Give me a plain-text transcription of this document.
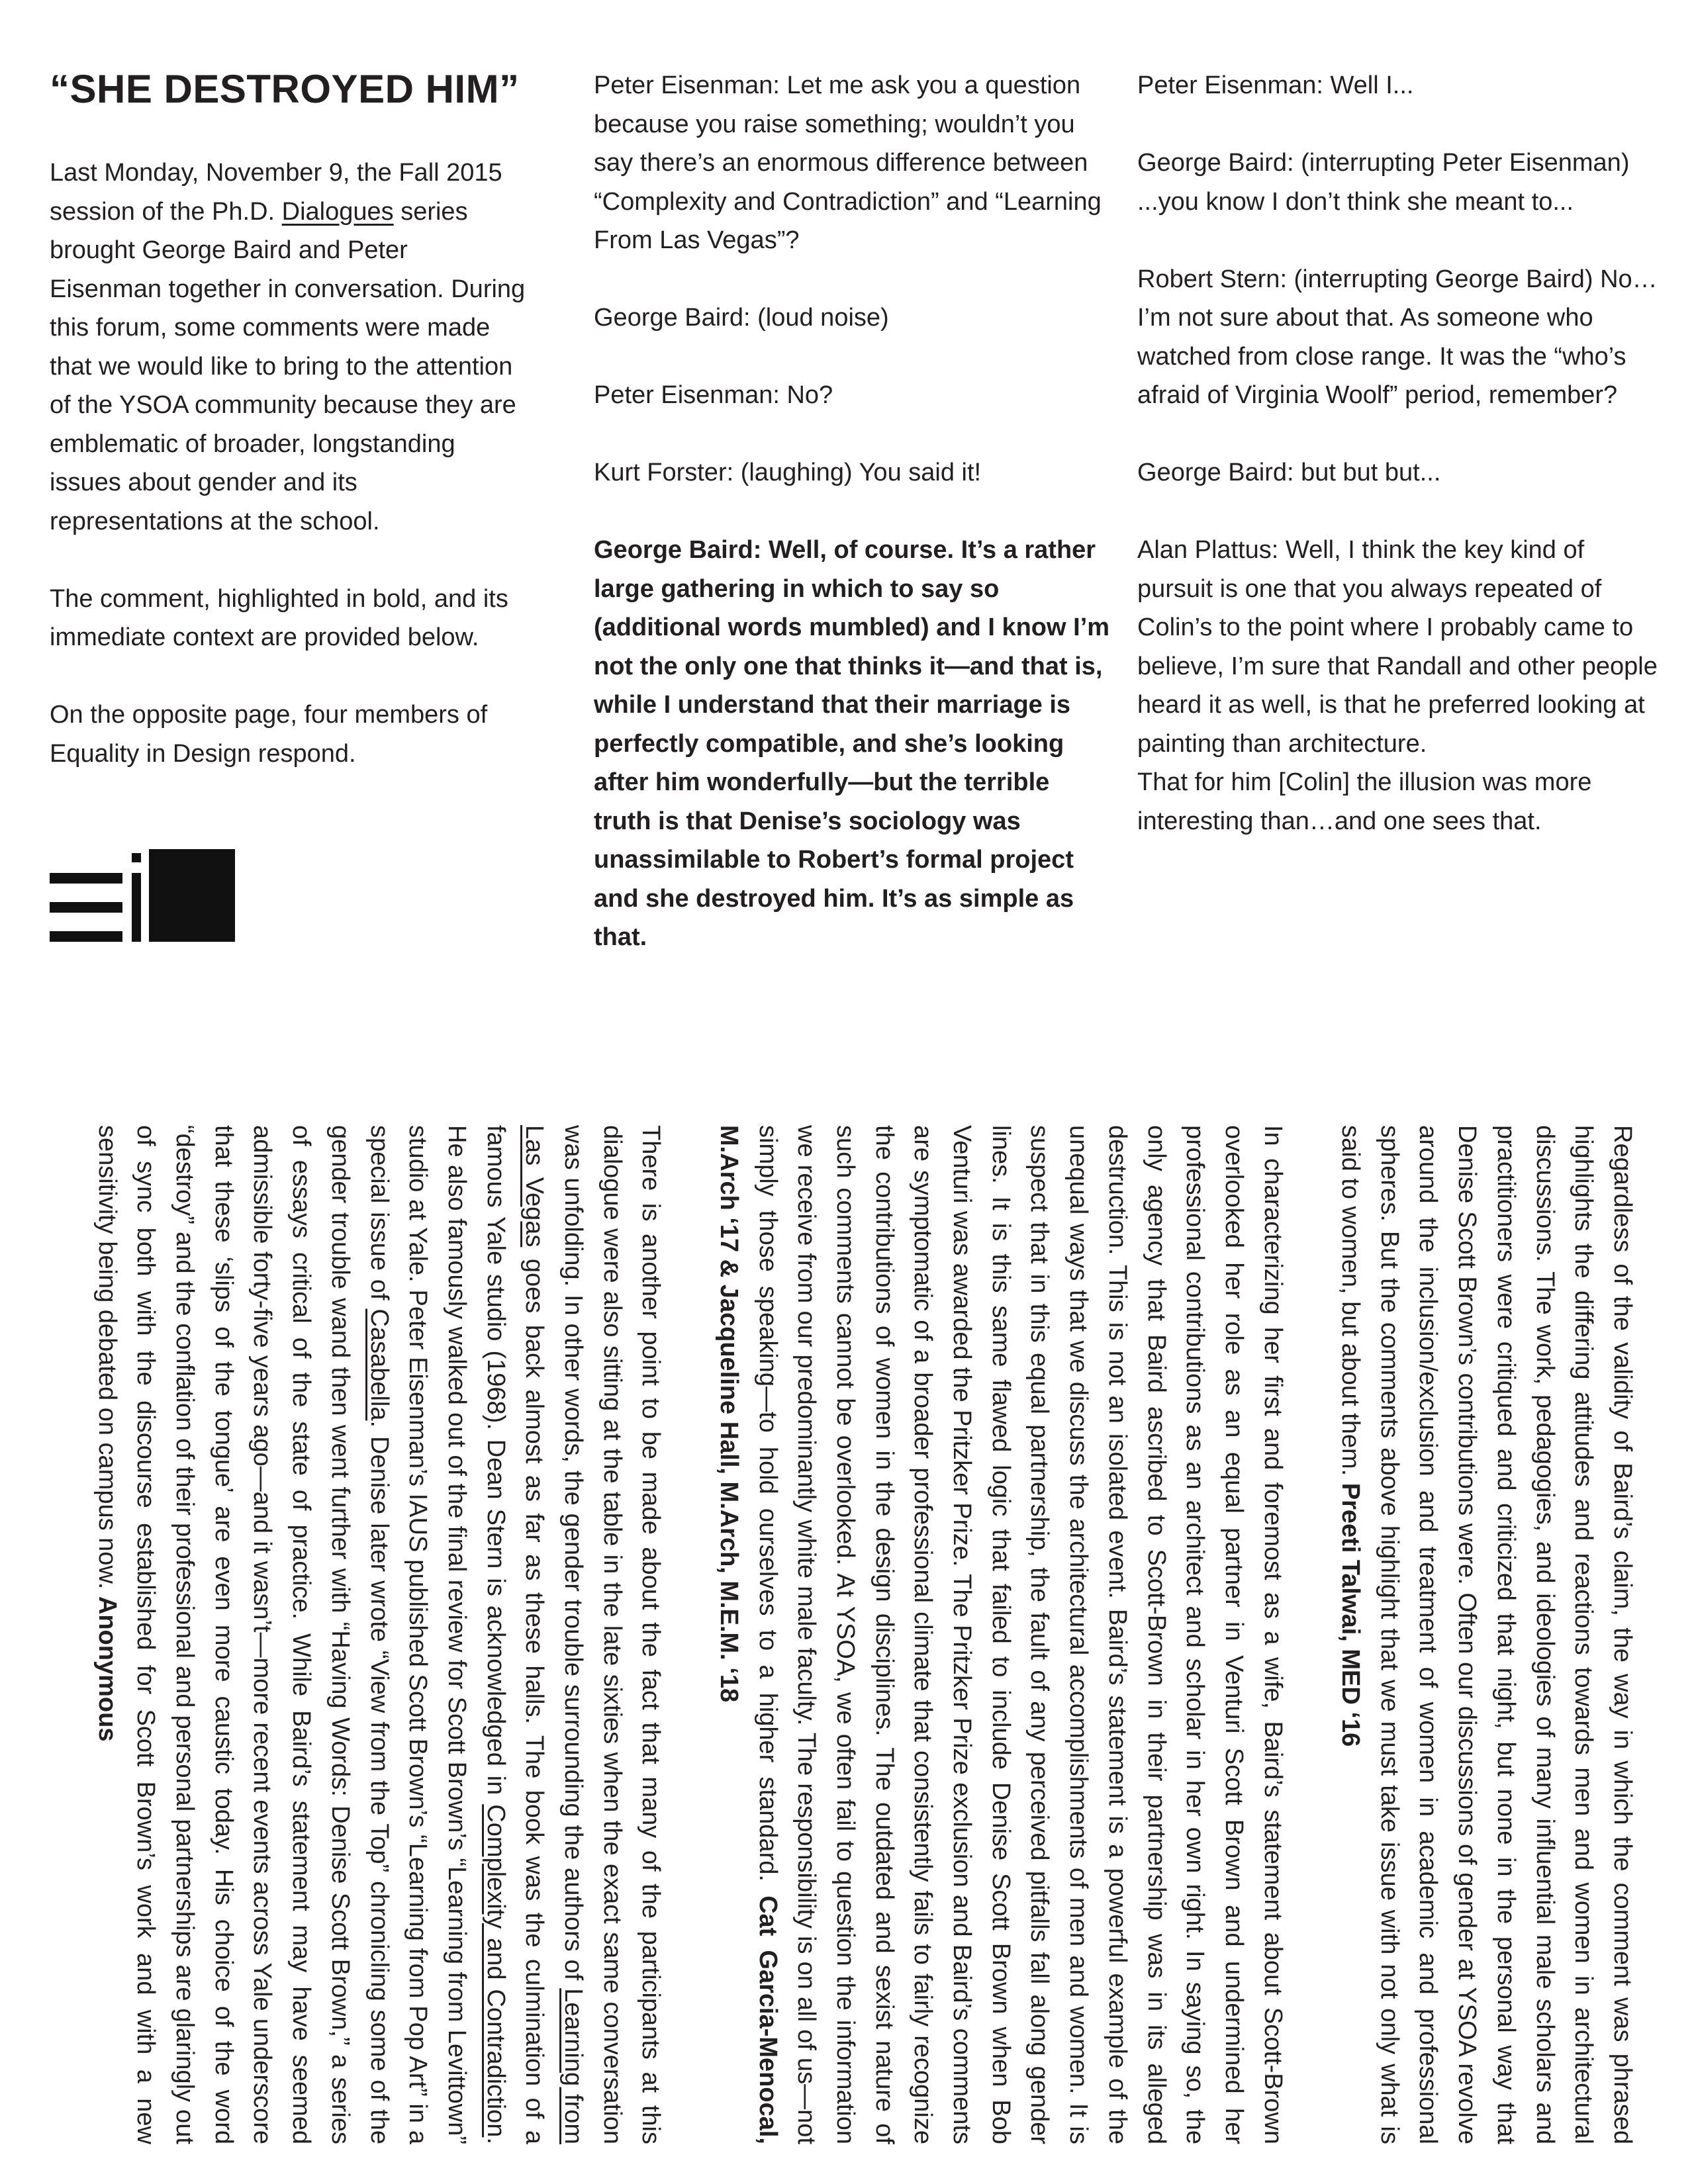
“SHE DESTROYED HIM”

Last Monday, November 9, the Fall 2015 session of the Ph.D. Dialogues series brought George Baird and Peter Eisenman together in conversation. During this forum, some comments were made that we would like to bring to the attention of the YSOA community because they are emblematic of broader, longstanding issues about gender and its representations at the school.

The comment, highlighted in bold, and its immediate context are provided below.

On the opposite page, four members of Equality in Design respond.

Peter Eisenman: Let me ask you a question because you raise something; wouldn’t you say there’s an enormous difference between “Complexity and Contradiction” and “Learning From Las Vegas”?

George Baird: (loud noise)

Peter Eisenman: No?

Kurt Forster: (laughing) You said it!

George Baird: Well, of course. It’s a rather large gathering in which to say so (additional words mumbled) and I know I’m not the only one that thinks it—and that is, while I understand that their marriage is perfectly compatible, and she’s looking after him wonderfully—but the terrible truth is that Denise’s sociology was unassimilable to Robert’s formal project and she destroyed him. It’s as simple as that.

Peter Eisenman: Well I...

George Baird: (interrupting Peter Eisenman) ...you know I don’t think she meant to...

Robert Stern: (interrupting George Baird) No… I’m not sure about that. As someone who watched from close range. It was the “who’s afraid of Virginia Woolf” period, remember?

George Baird: but but but...

Alan Plattus: Well, I think the key kind of pursuit is one that you always repeated of Colin’s to the point where I probably came to believe, I’m sure that Randall and other people heard it as well, is that he preferred looking at painting than architecture.

That for him [Colin] the illusion was more interesting than…and one sees that.

Regardless of the validity of Baird’s claim, the way in which the comment was phrased highlights the differing attitudes and reactions towards men and women in architectural discussions. The work, pedagogies, and ideologies of many influential male scholars and practitioners were critiqued and criticized that night, but none in the personal way that Denise Scott Brown’s contributions were. Often our discussions of gender at YSOA revolve around the inclusion/exclusion and treatment of women in academic and professional spheres. But the comments above highlight that we must take issue with not only what is said to women, but about them. Preeti Talwai, MED ‘16

In characterizing her first and foremost as a wife, Baird’s statement about Scott-Brown overlooked her role as an equal partner in Venturi Scott Brown and undermined her professional contributions as an architect and scholar in her own right. In saying so, the only agency that Baird ascribed to Scott-Brown in their partnership was in its alleged destruction. This is not an isolated event. Baird’s statement is a powerful example of the unequal ways that we discuss the architectural accomplishments of men and women. It is suspect that in this equal partnership, the fault of any perceived pitfalls fall along gender lines. It is this same flawed logic that failed to include Denise Scott Brown when Bob Venturi was awarded the Pritzker Prize. The Pritzker Prize exclusion and Baird’s comments are symptomatic of a broader professional climate that consistently fails to fairly recognize the contributions of women in the design disciplines. The outdated and sexist nature of such comments cannot be overlooked. At YSOA, we often fail to question the information we receive from our predominantly white male faculty. The responsibility is on all of us—not simply those speaking—to hold ourselves to a higher standard. Cat Garcia-Menocal, M.Arch ‘17 & Jacqueline Hall, M.Arch, M.E.M. ‘18

There is another point to be made about the fact that many of the participants at this dialogue were also sitting at the table in the late sixties when the exact same conversation was unfolding. In other words, the gender trouble surrounding the authors of Learning from Las Vegas goes back almost as far as these halls. The book was the culmination of a famous Yale studio (1968). Dean Stern is acknowledged in Complexity and Contradiction. He also famously walked out of the final review for Scott Brown’s “Learning from Levittown” studio at Yale. Peter Eisenman’s IAUS published Scott Brown’s “Learning from Pop Art” in a special issue of Casabella. Denise later wrote “View from the Top” chronicling some of the gender trouble wand then went further with “Having Words: Denise Scott Brown,” a series of essays critical of the state of practice. While Baird’s statement may have seemed admissible forty-five years ago—and it wasn’t—more recent events across Yale underscore that these ‘slips of the tongue’ are even more caustic today. His choice of the word “destroy” and the conflation of their professional and personal partnerships are glaringly out of sync both with the discourse established for Scott Brown’s work and with a new sensitivity being debated on campus now. Anonymous
